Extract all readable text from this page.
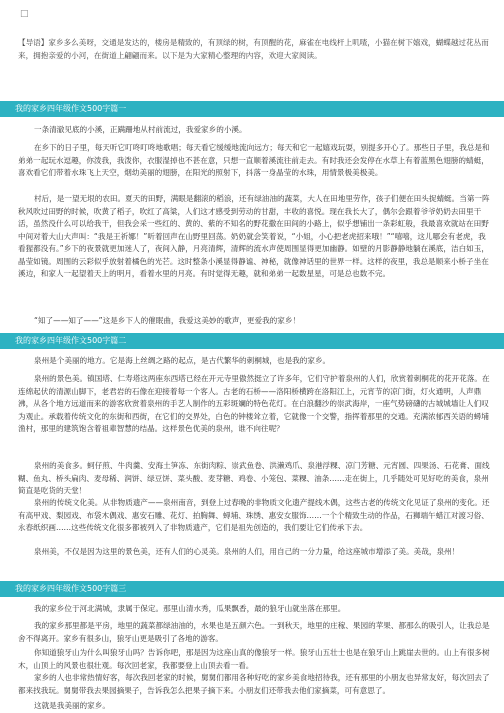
□

【导语】家乡多么美呀，交通是发达的，楼房是精致的，有顶绿的树，有顶醒的花，麻雀在电线杆上叽喳，小猫在树下嬉戏，蝴蝶越过花丛而来，拥抱亲爱的小河，在街道上翩翩而来。以下是为大家精心整理的内容，欢迎大家阅读。

我的家乡四年级作文500字篇一

一条清澈见底的小溪，正蹒跚地从村前流过，我爱家乡的小溪。

在乡下的日子里，每天听它叮咚叮咚地歌唱；每天看它缓缓地流向远方；每天和它一起嬉戏玩耍，别提多开心了。那些日子里，我总是和弟弟一起玩水逗趣，你泼我，我泼你，衣服湿掉也不甚在意，只想一直顺着溪流往前走去。有时我还会发停在水草上有着蓝黑色翅膀的蜻蜓，喜欢看它们带着水珠飞上天空，烟幼美丽的翅膀，在阳光的照射下，抖落一身晶莹的水珠，用情景极美极美。

村后，是一望无垠的农田。夏天的田野，满眼是翻滚的稻浪，还有绿油油的蔬菜，大人在田地里劳作，孩子们便在田头捉蜻蜓。当第一阵秋风吹过田野的时候，吹黄了稻子，吹红了高粱，人们这才感受到劳动的甘甜，丰收的喜悦。现在我长大了，偶尔会跟着爷爷奶奶去田里干活，虽然没什么可以给我干，但我会采一些红的、黄的、紫的不知名的野花撒在田间的小路上，似乎想铺出一条彩虹般，我最喜欢就站在田野中间对着大山大声叫：“我是王祈娜！”听着回声在山野里回荡。奶奶就会笑着说，“小姐，小心把老虎招来哦！”“嘻嘻，这儿哪会有老虎，我看猩都没有。”乡下的夜景就更加迷人了，夜间入静，月亮清辉，清辉的流水声使周围显得更加幽静。如壁的月影静静地躺在溪底，洁白如玉，晶莹如镜。周围的云彩似乎放射着橘色的光芒。这时整条小溪显得静谧、神秘，就像神话里的世界一样。这样的夜里，我总是顺来小桥子坐在溪边，和家人一起望着天上的明月，看着水里的月亮。有时觉得无趣，就和弟弟一起数星星，可是总也数不完。

“知了——知了——”这是乡下人的催眠曲，我爱这美妙的歌声，更爱我的家乡！

我的家乡四年级作文500字篇二

泉州是个美丽的地方。它是海上丝绸之路的起点，是古代繁华的刺桐城，也是我的家乡。

泉州的景色美。镇国塔、仁寿塔这两座东西塔已经在开元寺里傲然挺立了许多年，它们守护着泉州的人们，欣赏着刺桐花的花开花落。在连绵起伏的清源山脚下，老君岩的石像在迎接着每一个客人。古老的石桥——洛阳桥横跨在洛阳江上，元宵节的凉门街，灯火通明，人声鼎沸，从各个地方远道而来的游客欣赏着泉州的手艺人制作的五彩斑斓的特色花灯。在白浪翻沙的崇武海岸，一座气势磅礴的古城城墙让人们叹为观止。承载着传统文化的东街和西街，在它们的交界处，白色的钟楼耸立着，它就像一个交警，指挥着那里的交通。充满浓郁西关语的蟳埔渔村，那里的建筑饱含着祖辈智慧的结晶。这样景色优美的泉州，谁不向往呢？

泉州的美食多。蚵仔煎、牛肉羹、安海土笋冻、东街肉粽、崇武鱼卷、洪濑鸡爪、泉港浮粿、凉门芳糖、元宵圆、四果汤、石花膏、面线糊、鱼丸、桥头扁肉、麦母稀、润饼、绿豆饼、菜头酸、麦芽糖、鸡卷、小笼包、菜粿、油条……走在街上，几乎随处可见好吃的美食，泉州简直是吃货的天堂！

泉州的传统文化美。从非物质遗产——泉州南音，到登上过春晚的非物质文化遗产提线木偶，这些古老的传统文化见证了泉州的变化。还有高甲戏、梨园戏、布袋木偶戏、惠安石雕、花灯、拍胸舞、蟳埔、珠绣、惠安女服饰……一个个精致生动的作品，石狮端午蜡江对渡习俗、永春纸织画……这些传统文化很多都被列入了非物质遗产，它们是祖先创造的，我们要让它们传承下去。

泉州美，不仅是因为这里的景色美，还有人们的心灵美。泉州的人们，用自己的一分力量，给这座城市增添了美。美哉，泉州！

我的家乡四年级作文500字篇三

我的家乡位于河北满城，隶属于保定。那里山清水秀，瓜果飘香，最的狼牙山就坐落在那里。

我的家乡那里都是平房，地里的蔬菜都绿油油的，水果也是五颜六色。一到秋天，地里的庄稼、果园的苹果、都那么的吸引人，让我总是舍不得离开。家乡有很多山，狼牙山更是吸引了各地的游客。

你知道狼牙山为什么叫狼牙山吗？告诉你吧，那是因为这座山真的像狼牙一样。狼牙山五壮士也是在狼牙山上跳崖去世的。山上有很多树木，山顶上的风景也很壮观。每次回老家，我都要登上山顶去看一看。

家乡的人也非常热情好客，每次我回老家的时候，舅舅们都用各种好吃的家乡美食地招待我，还有那里的小朋友也异常友好，每次回去了都来找我玩。舅舅带我去果园摘果子，告诉我怎么把果子摘下来。小朋友们还带我去他们家摘菜，可有意思了。

这就是我美丽的家乡。
